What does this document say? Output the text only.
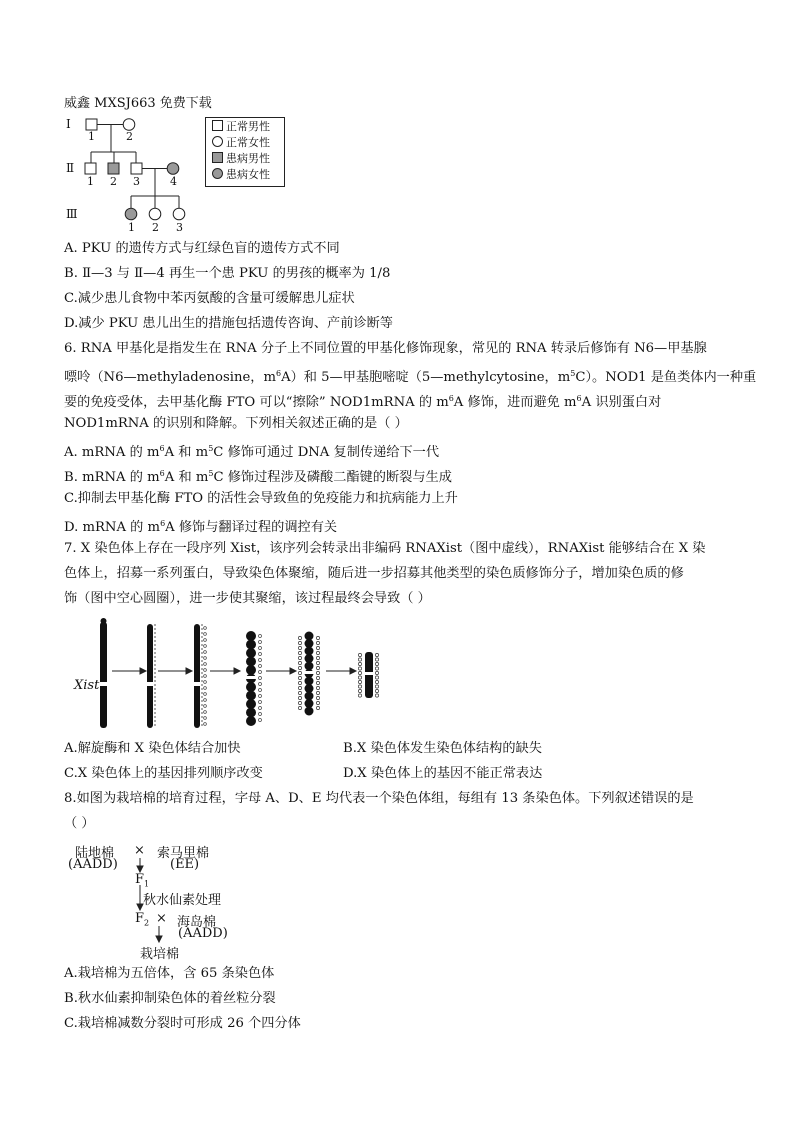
威鑫 MXSJ663 免费下载
Ⅰ
Ⅱ
Ⅲ
1	2
1 2 3	4
1 2 3
正常男性
正常女性
患病男性
患病女性
A. PKU 的遗传方式与红绿色盲的遗传方式不同
B. Ⅱ—3 与 Ⅱ—4 再生一个患 PKU 的男孩的概率为 1/8
C.减少患儿食物中苯丙氨酸的含量可缓解患儿症状
D.减少 PKU 患儿出生的措施包括遗传咨询、产前诊断等
6. RNA 甲基化是指发生在 RNA 分子上不同位置的甲基化修饰现象，常见的 RNA 转录后修饰有 N6—甲基腺
嘌呤（N6—methyladenosine，$m^6A$）和 5—甲基胞嘧啶（5—methylcytosine，$m^5C$）。NOD1 是鱼类体内一种重
要的免疫受体，去甲基化酶 FTO 可以“擦除” NOD1mRNA 的 $m^6A$ 修饰，进而避免 $m^6A$ 识别蛋白对
NOD1mRNA 的识别和降解。下列相关叙述正确的是（ ）
A. mRNA 的 $m^6A$ 和 $m^5C$ 修饰可通过 DNA 复制传递给下一代
B. mRNA 的 $m^6A$ 和 $m^5C$ 修饰过程涉及磷酸二酯键的断裂与生成
C.抑制去甲基化酶 FTO 的活性会导致鱼的免疫能力和抗病能力上升
D. mRNA 的 $m^6A$ 修饰与翻译过程的调控有关
7. X 染色体上存在一段序列 Xist，该序列会转录出非编码 RNAXist（图中虚线），RNAXist 能够结合在 X 染
色体上，招募一系列蛋白，导致染色体聚缩，随后进一步招募其他类型的染色质修饰分子，增加染色质的修
饰（图中空心圆圈），进一步使其聚缩，该过程最终会导致（ ）
Xist
A.解旋酶和 X 染色体结合加快	B.X 染色体发生染色体结构的缺失
C.X 染色体上的基因排列顺序改变	D.X 染色体上的基因不能正常表达
8.如图为栽培棉的培育过程，字母 A、D、E 均代表一个染色体组，每组有 13 条染色体。下列叙述错误的是
（ ）
陆地棉
(AADD)
× 索马里棉
(EE)
$F_1$
秋水仙素处理
$F_2$ × 海岛棉
(AADD)
栽培棉
A.栽培棉为五倍体，含 65 条染色体
B.秋水仙素抑制染色体的着丝粒分裂
C.栽培棉减数分裂时可形成 26 个四分体
